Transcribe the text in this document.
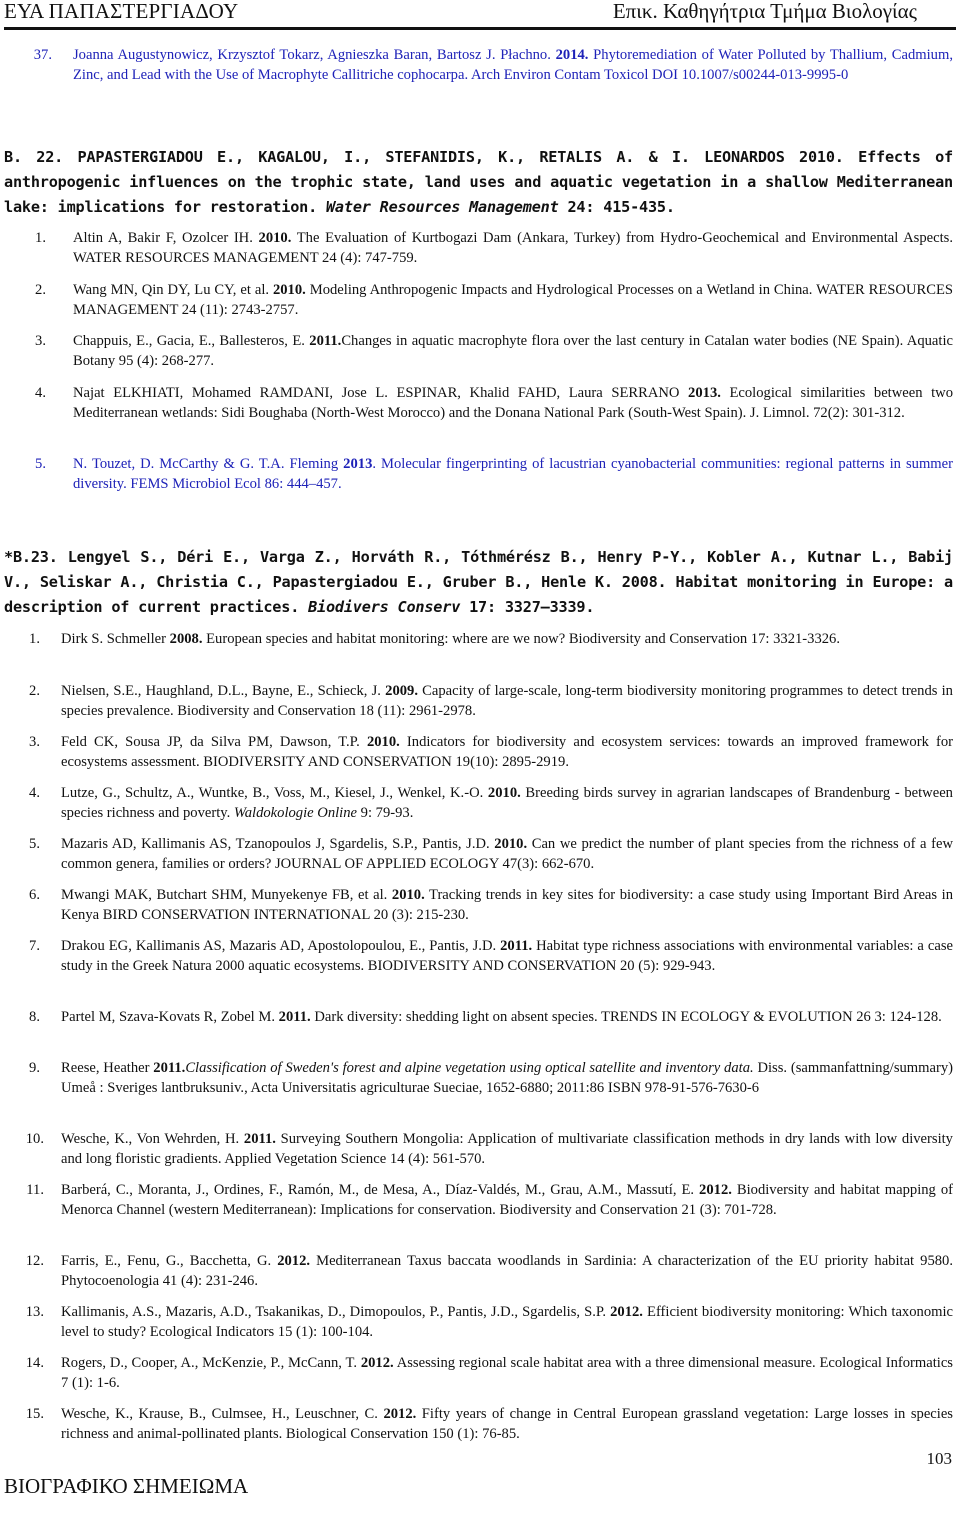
ΕΥΑ ΠΑΠΑΣΤΕΡΓΙΑΔΟΥ	Επικ. Καθηγήτρια Τμήμα Βιολογίας
37. Joanna Augustynowicz, Krzysztof Tokarz, Agnieszka Baran, Bartosz J. Płachno. 2014. Phytoremediation of Water Polluted by Thallium, Cadmium, Zinc, and Lead with the Use of Macrophyte Callitriche cophocarpa. Arch Environ Contam Toxicol DOI 10.1007/s00244-013-9995-0
B. 22. PAPASTERGIADOU E., KAGALOU, I., STEFANIDIS, K., RETALIS A. & I. LEONARDOS 2010. Effects of anthropogenic influences on the trophic state, land uses and aquatic vegetation in a shallow Mediterranean lake: implications for restoration. Water Resources Management 24: 415-435.
1. Altin A, Bakir F, Ozolcer IH. 2010. The Evaluation of Kurtbogazi Dam (Ankara, Turkey) from Hydro-Geochemical and Environmental Aspects. WATER RESOURCES MANAGEMENT 24 (4): 747-759.
2. Wang MN, Qin DY, Lu CY, et al. 2010. Modeling Anthropogenic Impacts and Hydrological Processes on a Wetland in China. WATER RESOURCES MANAGEMENT 24 (11): 2743-2757.
3. Chappuis, E., Gacia, E., Ballesteros, E. 2011.Changes in aquatic macrophyte flora over the last century in Catalan water bodies (NE Spain). Aquatic Botany 95 (4): 268-277.
4. Najat ELKHIATI, Mohamed RAMDANI, Jose L. ESPINAR, Khalid FAHD, Laura SERRANO 2013. Ecological similarities between two Mediterranean wetlands: Sidi Boughaba (North-West Morocco) and the Donana National Park (South-West Spain). J. Limnol. 72(2): 301-312.
5. N. Touzet, D. McCarthy & G. T.A. Fleming 2013. Molecular fingerprinting of lacustrian cyanobacterial communities: regional patterns in summer diversity. FEMS Microbiol Ecol 86: 444–457.
*B.23. Lengyel S., Déri E., Varga Z., Horváth R., Tóthmérész B., Henry P-Y., Kobler A., Kutnar L., Babij V., Seliskar A., Christia C., Papastergiadou E., Gruber B., Henle K. 2008. Habitat monitoring in Europe: a description of current practices. Biodivers Conserv 17: 3327–3339.
1. Dirk S. Schmeller 2008. European species and habitat monitoring: where are we now? Biodiversity and Conservation 17: 3321-3326.
2. Nielsen, S.E., Haughland, D.L., Bayne, E., Schieck, J. 2009. Capacity of large-scale, long-term biodiversity monitoring programmes to detect trends in species prevalence. Biodiversity and Conservation 18 (11): 2961-2978.
3. Feld CK, Sousa JP, da Silva PM, Dawson, T.P. 2010. Indicators for biodiversity and ecosystem services: towards an improved framework for ecosystems assessment. BIODIVERSITY AND CONSERVATION 19(10): 2895-2919.
4. Lutze, G., Schultz, A., Wuntke, B., Voss, M., Kiesel, J., Wenkel, K.-O. 2010. Breeding birds survey in agrarian landscapes of Brandenburg - between species richness and poverty. Waldokologie Online 9: 79-93.
5. Mazaris AD, Kallimanis AS, Tzanopoulos J, Sgardelis, S.P., Pantis, J.D. 2010. Can we predict the number of plant species from the richness of a few common genera, families or orders? JOURNAL OF APPLIED ECOLOGY 47(3): 662-670.
6. Mwangi MAK, Butchart SHM, Munyekenye FB, et al. 2010. Tracking trends in key sites for biodiversity: a case study using Important Bird Areas in Kenya BIRD CONSERVATION INTERNATIONAL 20 (3): 215-230.
7. Drakou EG, Kallimanis AS, Mazaris AD, Apostolopoulou, E., Pantis, J.D. 2011. Habitat type richness associations with environmental variables: a case study in the Greek Natura 2000 aquatic ecosystems. BIODIVERSITY AND CONSERVATION 20 (5): 929-943.
8. Partel M, Szava-Kovats R, Zobel M. 2011. Dark diversity: shedding light on absent species. TRENDS IN ECOLOGY & EVOLUTION 26 3: 124-128.
9. Reese, Heather 2011.Classification of Sweden's forest and alpine vegetation using optical satellite and inventory data. Diss. (sammanfattning/summary) Umeå : Sveriges lantbruksuniv., Acta Universitatis agriculturae Sueciae, 1652-6880; 2011:86 ISBN 978-91-576-7630-6
10. Wesche, K., Von Wehrden, H. 2011. Surveying Southern Mongolia: Application of multivariate classification methods in dry lands with low diversity and long floristic gradients. Applied Vegetation Science 14 (4): 561-570.
11. Barberá, C., Moranta, J., Ordines, F., Ramón, M., de Mesa, A., Díaz-Valdés, M., Grau, A.M., Massutí, E. 2012. Biodiversity and habitat mapping of Menorca Channel (western Mediterranean): Implications for conservation. Biodiversity and Conservation 21 (3): 701-728.
12. Farris, E., Fenu, G., Bacchetta, G. 2012. Mediterranean Taxus baccata woodlands in Sardinia: A characterization of the EU priority habitat 9580. Phytocoenologia 41 (4): 231-246.
13. Kallimanis, A.S., Mazaris, A.D., Tsakanikas, D., Dimopoulos, P., Pantis, J.D., Sgardelis, S.P. 2012. Efficient biodiversity monitoring: Which taxonomic level to study? Ecological Indicators 15 (1): 100-104.
14. Rogers, D., Cooper, A., McKenzie, P., McCann, T. 2012. Assessing regional scale habitat area with a three dimensional measure. Ecological Informatics 7 (1): 1-6.
15. Wesche, K., Krause, B., Culmsee, H., Leuschner, C. 2012. Fifty years of change in Central European grassland vegetation: Large losses in species richness and animal-pollinated plants. Biological Conservation 150 (1): 76-85.
103
ΒΙΟΓΡΑΦΙΚΟ ΣΗΜΕΙΩΜΑ
